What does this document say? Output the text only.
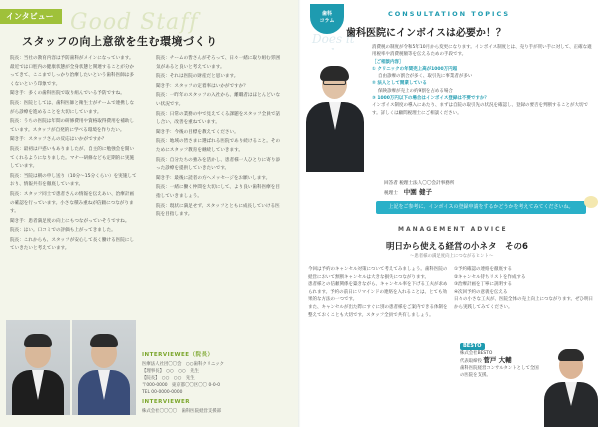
インタビュー Good Staff
スタッフの向上意欲を生む環境づくり

院長：当社の教育内容は予防歯科がメインになっています。最近では口腔内の健康状態が全身状態と関連することが分かってきて、ここまでしっかり治療したいという歯科医師は多くないという印象です。

聞き手：多くの歯科医院で取り組んでいる予防ですね。

院長：医院としては、歯科医師と衛生士がチームで連携しながら診療を進めることを大切にしています。

院長：うちの医院は年間の研修費用や資格取得費用を補助しています。スタッフが自発的に学べる環境を作りたい。

聞き手：スタッフさんの反応はいかがですか？

院長：最初は戸惑いもありましたが、自主的に勉強会を開いてくれるようになりました。マナー研修なども定期的に実施しています。

院長：当院は朝の申し送り（10分〜15分くらい）を実施しており、情報共有を徹底しています。

院長：スタッフ同士で患者さんの情報を伝えあい、治療計画の確認を行っています。小さな積み重ねが信頼につながります。

聞き手：患者満足度の向上にもつながっていそうですね。

院長：はい。口コミでの評価も上がってきました。

院長：これからも、スタッフが安心して長く働ける医院にしていきたいと考えています。

院長：チームの皆さんがそろって、日々一緒に取り組む雰囲気があると良いと考えています。

院長：それは医院の財産だと思います。

聞き手：スタッフの定着率はいかがですか？

院長：一昨年のスタッフの入社から、離職者はほとんどいない状況です。

院長：日常の業務の中で見えてくる課題をスタッフ全員で話し合い、改善を重ねています。

聞き手：今後の目標を教えてください。

院長：地域の皆さまに選ばれる医院であり続けること。そのためにスタッフ教育を継続していきます。

院長：自分たちの強みを活かし、患者様一人ひとりに寄り添った診療を提供していきたいです。

聞き手：最後に読者の方へメッセージをお願いします。

院長：一緒に働く仲間を大切にして、より良い歯科医療を目指していきましょう。

院長：現状に満足せず、スタッフとともに成長していける医院を目指します。

INTERVIEWEE（院長）
医療法人社団〇〇会　○○歯科クリニック
【理事長】　○○　○○　先生
【院長】　○○　○○　先生
〒000-0000　東京都〇〇区〇〇 0-0-0
TEL 00-0000-0000
INTERVIEWER
株式会社〇〇〇〇　歯科医院経営支援部
歯科
コラム
CONSULTATION TOPICS
歯科医院にインボイスは必要か！？
Does it

消費税の制度が令和5年10月から変更になります。インボイス制度とは、売り手が買い手に対して、正確な適用税率や消費税額等を伝えるための手段です。

［ご相談内容］

① クリニックの年間売上高が1000万円超

自由診療の割合が多く、取引先に事業者が多い

② 法人として開業している

保険診療が売上の約9割を占める場合

③ 1000万円以下の場合はインボイス登録は不要ですか？

インボイス制度の導入にあたり、まずは自院の取引先の状況を確認し、登録の要否を判断することが大切です。詳しくは顧問税理士にご相談ください。

回答者 税理士法人〇〇会計事務所
税理士 中園 健子
上記をご参考に、インボイスの登録申請をするかどうかを考えてみてくださいね。
MANAGEMENT ADVICE
明日から使える経営の小ネタ　その6
〜患者様の満足度向上につながるヒント〜

今回は予約のキャンセル対策について考えてみましょう。歯科医院の経営において無断キャンセルは大きな損失につながります。

患者様との信頼関係を築きながら、キャンセル率を下げる工夫が求められます。予約の前日にリマインドの連絡を入れることは、とても効果的な方法の一つです。

また、キャンセルが出た際にすぐに別の患者様をご案内できる体制を整えておくことも大切です。スタッフ全員で共有しましょう。

①予約確認の連絡を徹底する

②キャンセル待ちリストを作成する

③治療計画を丁寧に説明する

④次回予約の意義を伝える

日々の小さな工夫が、医院全体の売上向上につながります。ぜひ明日から実践してみてください。

BESTO
株式会社BESTO
代表取締役 菅戸 大輔
歯科医院経営コンサルタントとして全国の医院を支援。
